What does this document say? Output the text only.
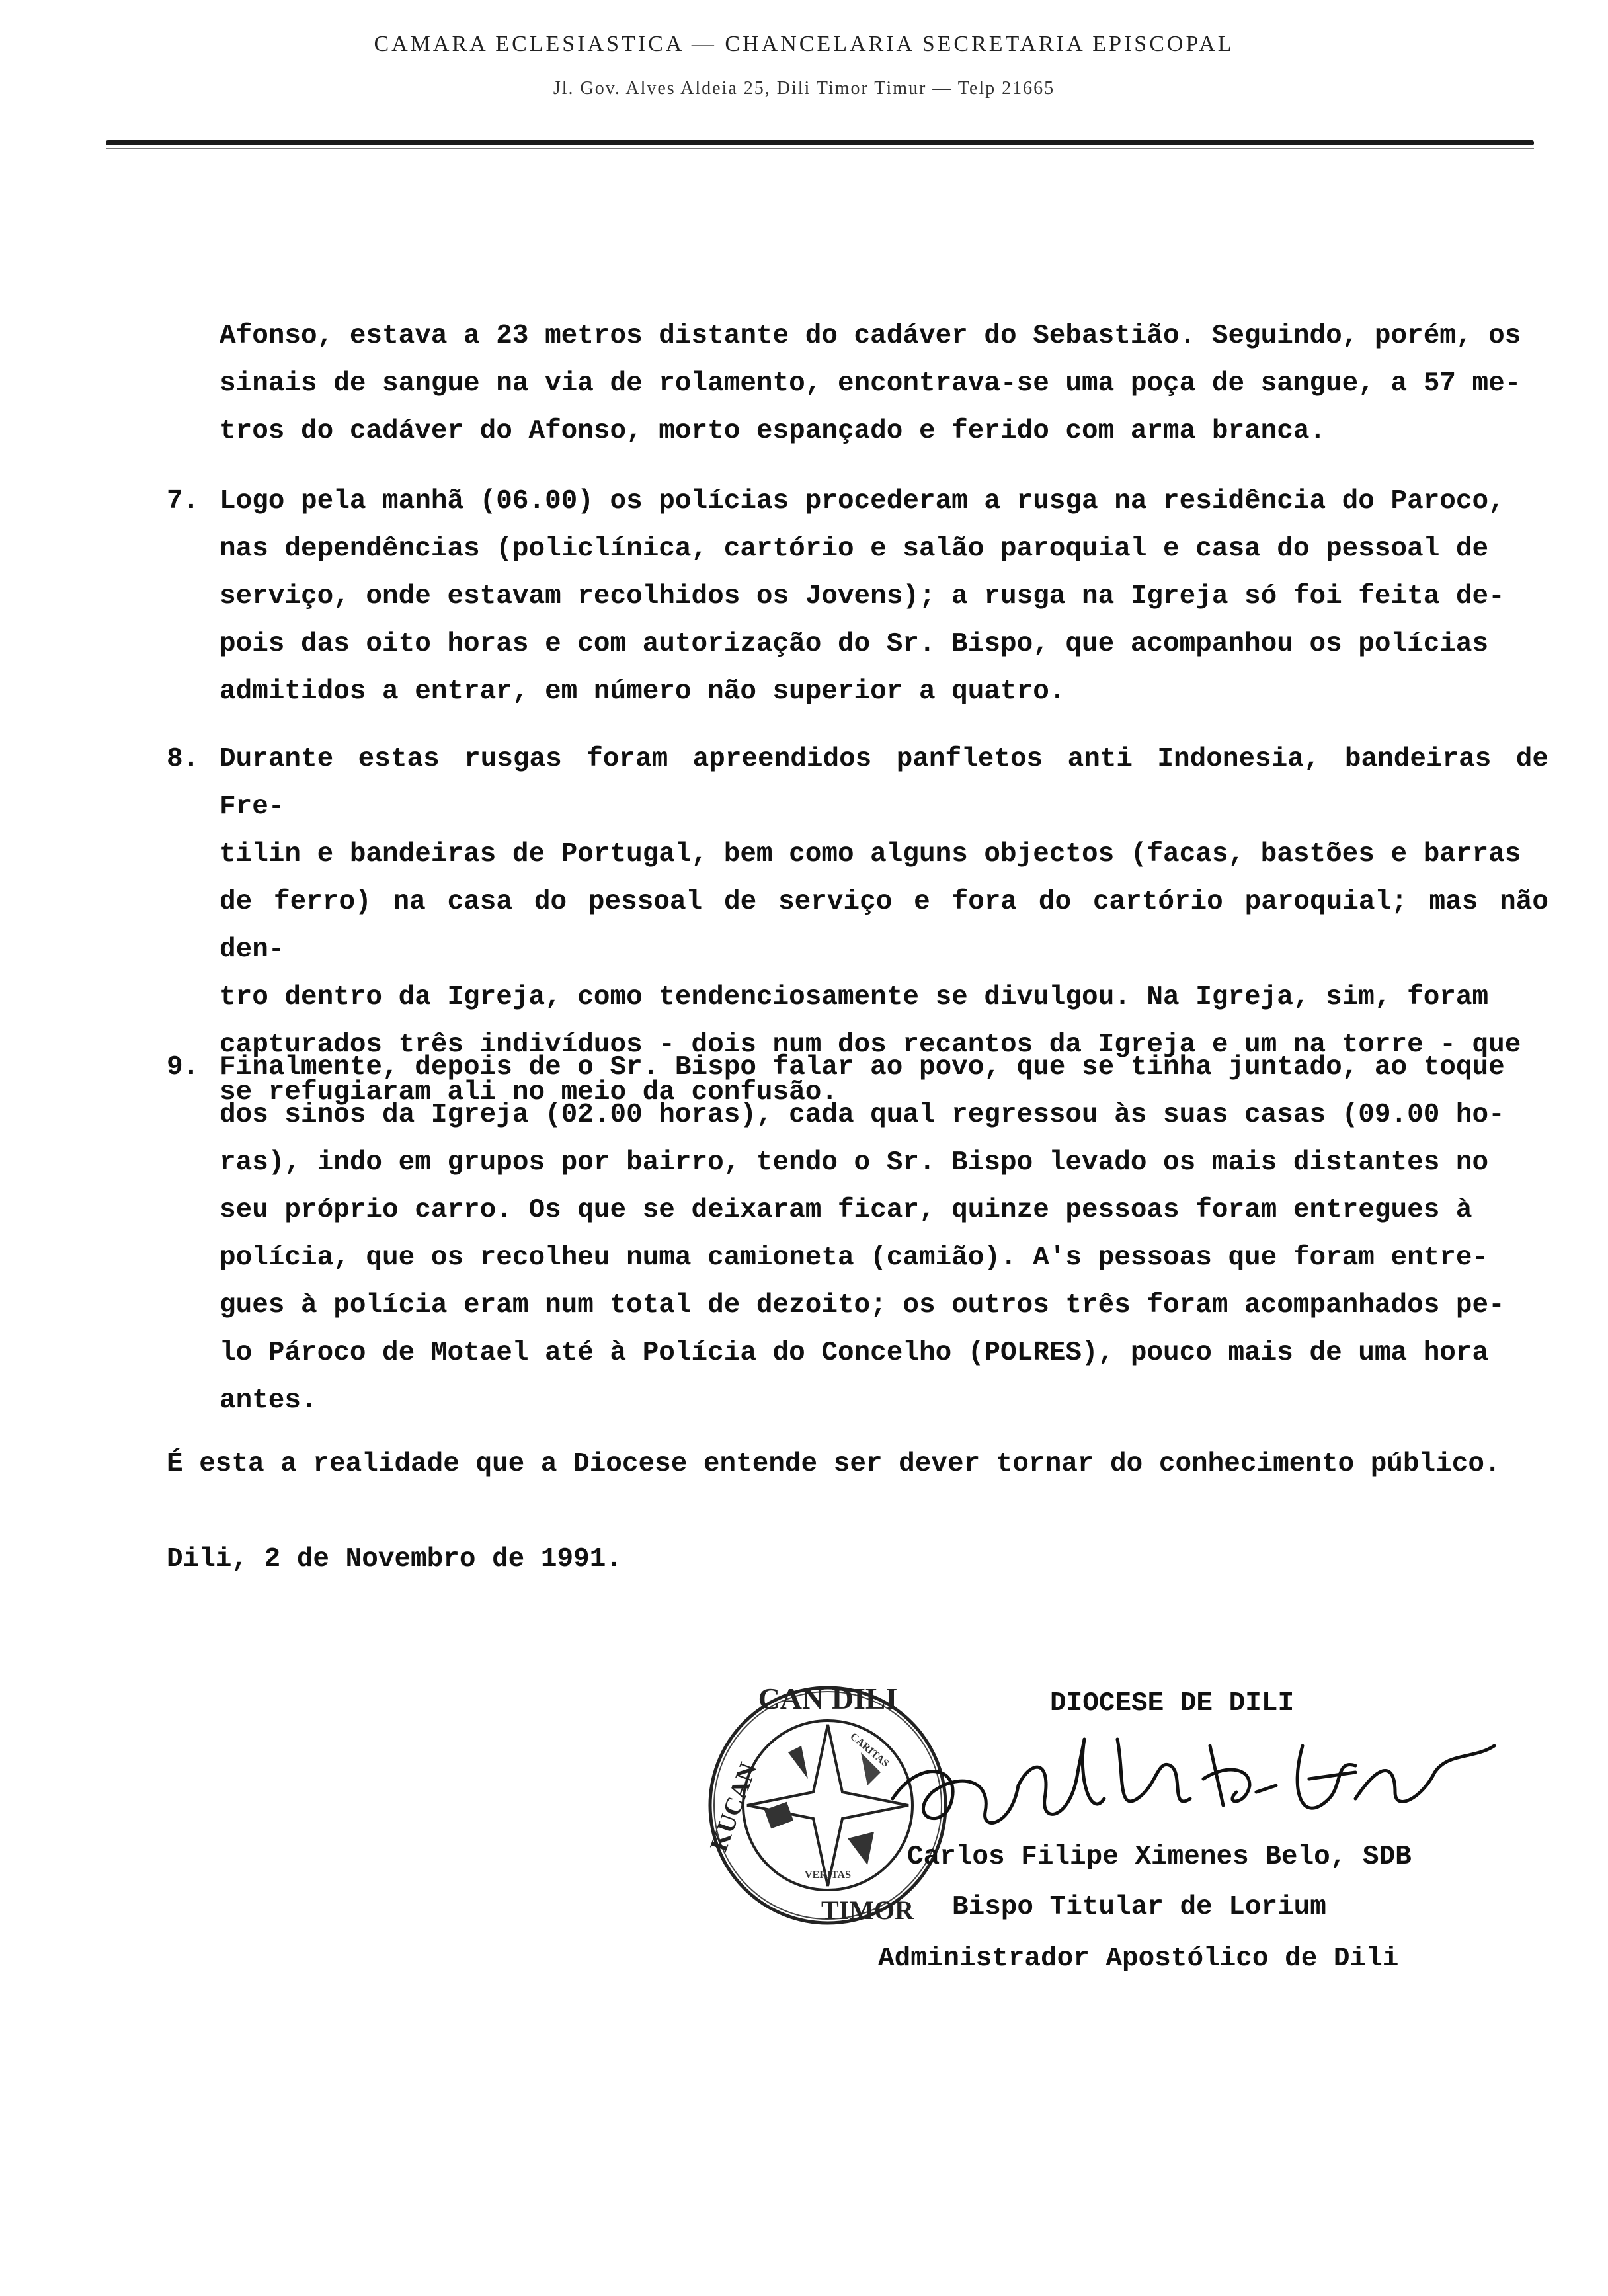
CAMARA ECLESIASTICA — CHANCELARIA SECRETARIA EPISCOPAL
Jl. Gov. Alves Aldeia 25, Dili Timor Timur — Telp 21665
Afonso, estava a 23 metros distante do cadáver do Sebastião. Seguindo, porém, os
sinais de sangue na via de rolamento, encontrava-se uma poça de sangue, a 57 me-
tros do cadáver do Afonso, morto espançado e ferido com arma branca.
7. Logo pela manhã (06.00) os polícias procederam a rusga na residência do Paroco,
nas dependências (policlínica, cartório e salão paroquial e casa do pessoal de
serviço, onde estavam recolhidos os Jovens); a rusga na Igreja só foi feita de-
pois das oito horas e com autorização do Sr. Bispo, que acompanhou os polícias
admitidos a entrar, em número não superior a quatro.
8. Durante estas rusgas foram apreendidos panfletos anti Indonesia, bandeiras de Fre-
tilin e bandeiras de Portugal, bem como alguns objectos (facas, bastões e barras
de ferro) na casa do pessoal de serviço e fora do cartório paroquial; mas não den-
tro dentro da Igreja, como tendenciosamente se divulgou. Na Igreja, sim, foram
capturados três indivíduos - dois num dos recantos da Igreja e um na torre - que
se refugiaram ali no meio da confusão.
9. Finalmente, depois de o Sr. Bispo falar ao povo, que se tinha juntado, ao toque
dos sinos da Igreja (02.00 horas), cada qual regressou às suas casas (09.00 ho-
ras), indo em grupos por bairro, tendo o Sr. Bispo levado os mais distantes no
seu próprio carro. Os que se deixaram ficar, quinze pessoas foram entregues à
polícia, que os recolheu numa camioneta (camião). A's pessoas que foram entre-
gues à polícia eram num total de dezoito; os outros três foram acompanhados pe-
lo Pároco de Motael até à Polícia do Concelho (POLRES), pouco mais de uma hora
antes.
É esta a realidade que a Diocese entende ser dever tornar do conhecimento público.
Dili, 2 de Novembro de 1991.
CAN DILI
TIMOR
KUCAN
VERITAS
CARITAS
DIOCESE DE DILI
Carlos Filipe Ximenes Belo, SDB
Bispo Titular de Lorium
Administrador Apostólico de Dili
